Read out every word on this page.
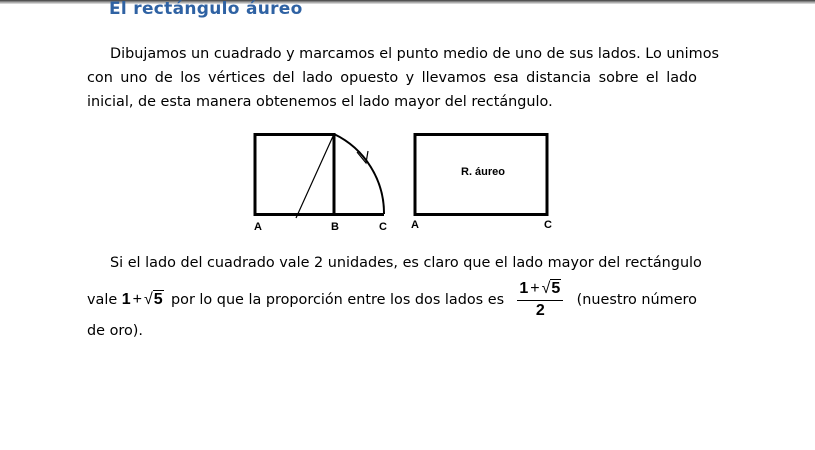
El rectángulo áureo
Dibujamos un cuadrado y marcamos el punto medio de uno de sus lados. Lo unimos
con uno de los vértices del lado opuesto y llevamos esa distancia sobre el lado
inicial, de esta manera obtenemos el lado mayor del rectángulo.
A	B	C
R. áureo
A	C
Si el lado del cuadrado vale 2 unidades, es claro que el lado mayor del rectángulo
vale 1 + √5 por lo que la proporción entre los dos lados es $\frac{1 + √5}{2}$ (nuestro número
de oro).
